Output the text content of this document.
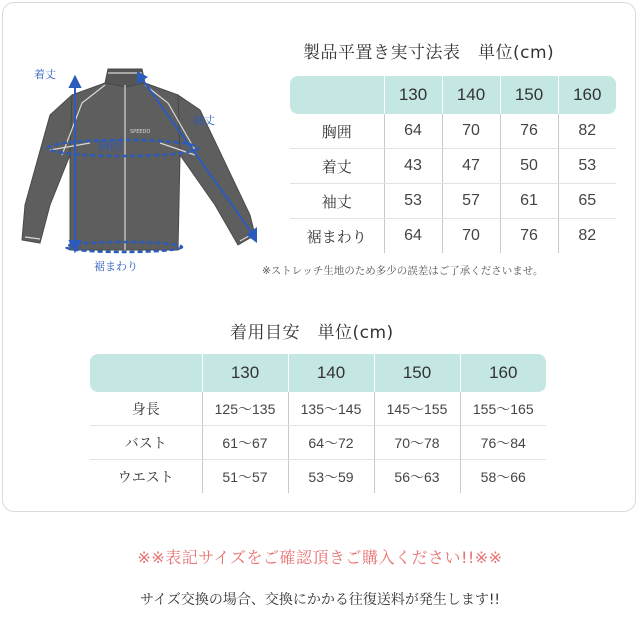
SPEEDO
着丈
袖丈
胸囲
裾まわり
製品平置き実寸法表　単位(cm)
	130	140	150	160
胸囲	64	70	76	82
着丈	43	47	50	53
袖丈	53	57	61	65
裾まわり	64	70	76	82
※ストレッチ生地のため多少の誤差はご了承くださいませ。
着用目安　単位(cm)
	130	140	150	160
身長	125〜135	135〜145	145〜155	155〜165
バスト	61〜67	64〜72	70〜78	76〜84
ウエスト	51〜57	53〜59	56〜63	58〜66
※※表記サイズをご確認頂きご購入ください!!※※
サイズ交換の場合、交換にかかる往復送料が発生します!!
